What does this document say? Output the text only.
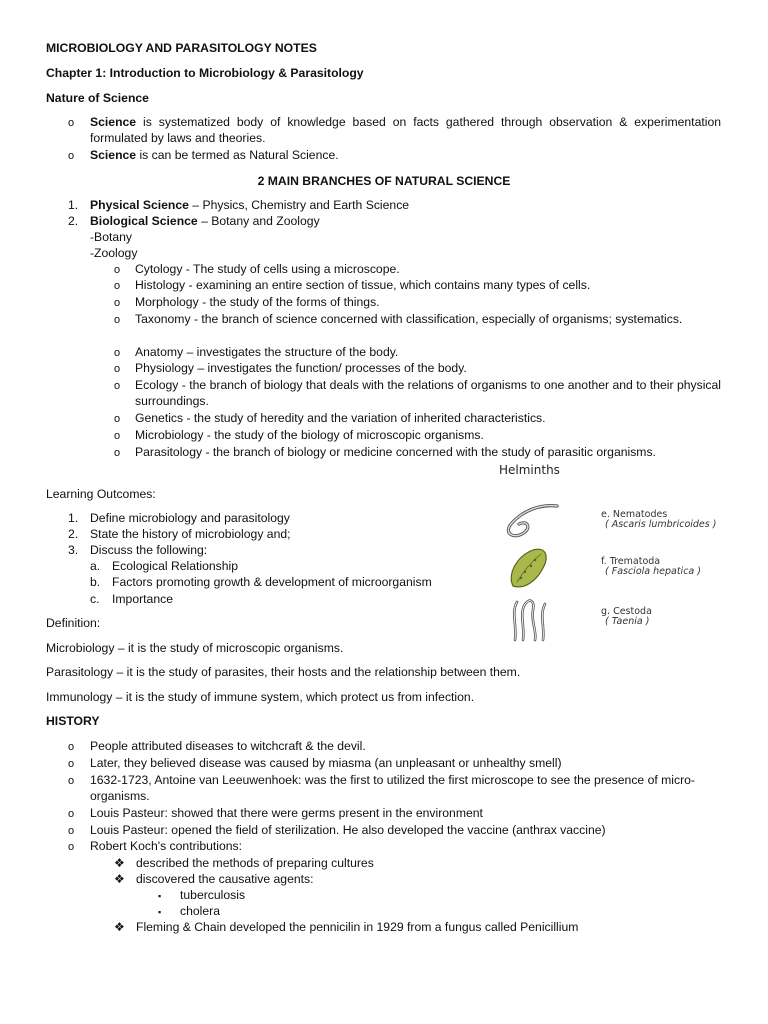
MICROBIOLOGY AND PARASITOLOGY NOTES
Chapter 1: Introduction to Microbiology & Parasitology
Nature of Science
o Science is systematized body of knowledge based on facts gathered through observation & experimentation formulated by laws and theories.
o Science is can be termed as Natural Science.
2 MAIN BRANCHES OF NATURAL SCIENCE
1. Physical Science – Physics, Chemistry and Earth Science
2. Biological Science – Botany and Zoology
-Botany
-Zoology
o Cytology - The study of cells using a microscope.
o Histology - examining an entire section of tissue, which contains many types of cells.
o Morphology - the study of the forms of things.
o Taxonomy - the branch of science concerned with classification, especially of organisms; systematics.
o Anatomy – investigates the structure of the body.
o Physiology – investigates the function/ processes of the body.
o Ecology - the branch of biology that deals with the relations of organisms to one another and to their physical surroundings.
o Genetics - the study of heredity and the variation of inherited characteristics.
o Microbiology - the study of the biology of microscopic organisms.
o Parasitology - the branch of biology or medicine concerned with the study of parasitic organisms.
Learning Outcomes:
1. Define microbiology and parasitology
2. State the history of microbiology and;
3. Discuss the following:
a. Ecological Relationship
b. Factors promoting growth & development of microorganism
c. Importance
Helminths
e. Nematodes
( Ascaris lumbricoides )
f. Trematoda
( Fasciola hepatica )
g. Cestoda
( Taenia )
Definition:
Microbiology – it is the study of microscopic organisms.
Parasitology – it is the study of parasites, their hosts and the relationship between them.
Immunology – it is the study of immune system, which protect us from infection.
HISTORY
o People attributed diseases to witchcraft & the devil.
o Later, they believed disease was caused by miasma (an unpleasant or unhealthy smell)
o 1632-1723, Antoine van Leeuwenhoek: was the first to utilized the first microscope to see the presence of micro-organisms.
o Louis Pasteur: showed that there were germs present in the environment
o Louis Pasteur: opened the field of sterilization. He also developed the vaccine (anthrax vaccine)
o Robert Koch's contributions:
❖ described the methods of preparing cultures
❖ discovered the causative agents:
▪ tuberculosis
▪ cholera
❖ Fleming & Chain developed the pennicilin in 1929 from a fungus called Penicillium
